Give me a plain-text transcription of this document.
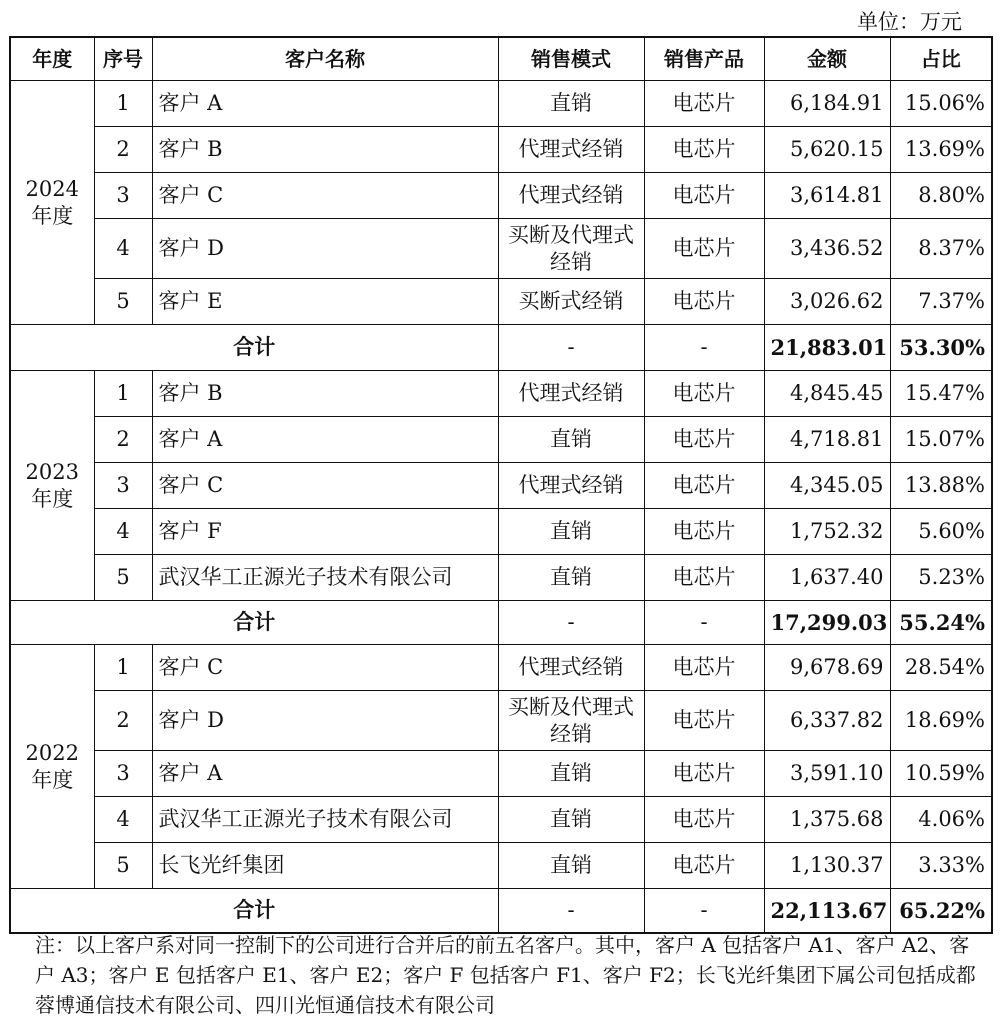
单位：万元
年度	序号	客户名称	销售模式	销售产品	金额	占比
2024
年度	1	客户 A	直销	电芯片	6,184.91	15.06%
	2	客户 B	代理式经销	电芯片	5,620.15	13.69%
	3	客户 C	代理式经销	电芯片	3,614.81	8.80%
	4	客户 D	买断及代理式
经销	电芯片	3,436.52	8.37%
	5	客户 E	买断式经销	电芯片	3,026.62	7.37%
合计			-	-	21,883.01	53.30%
2023
年度	1	客户 B	代理式经销	电芯片	4,845.45	15.47%
	2	客户 A	直销	电芯片	4,718.81	15.07%
	3	客户 C	代理式经销	电芯片	4,345.05	13.88%
	4	客户 F	直销	电芯片	1,752.32	5.60%
	5	武汉华工正源光子技术有限公司	直销	电芯片	1,637.40	5.23%
合计			-	-	17,299.03	55.24%
2022
年度	1	客户 C	代理式经销	电芯片	9,678.69	28.54%
	2	客户 D	买断及代理式
经销	电芯片	6,337.82	18.69%
	3	客户 A	直销	电芯片	3,591.10	10.59%
	4	武汉华工正源光子技术有限公司	直销	电芯片	1,375.68	4.06%
	5	长飞光纤集团	直销	电芯片	1,130.37	3.33%
合计			-	-	22,113.67	65.22%
注：以上客户系对同一控制下的公司进行合并后的前五名客户。其中，客户 A 包括客户 A1、客户 A2、客户 A3；客户 E 包括客户 E1、客户 E2；客户 F 包括客户 F1、客户 F2；长飞光纤集团下属公司包括成都蓉博通信技术有限公司、四川光恒通信技术有限公司
